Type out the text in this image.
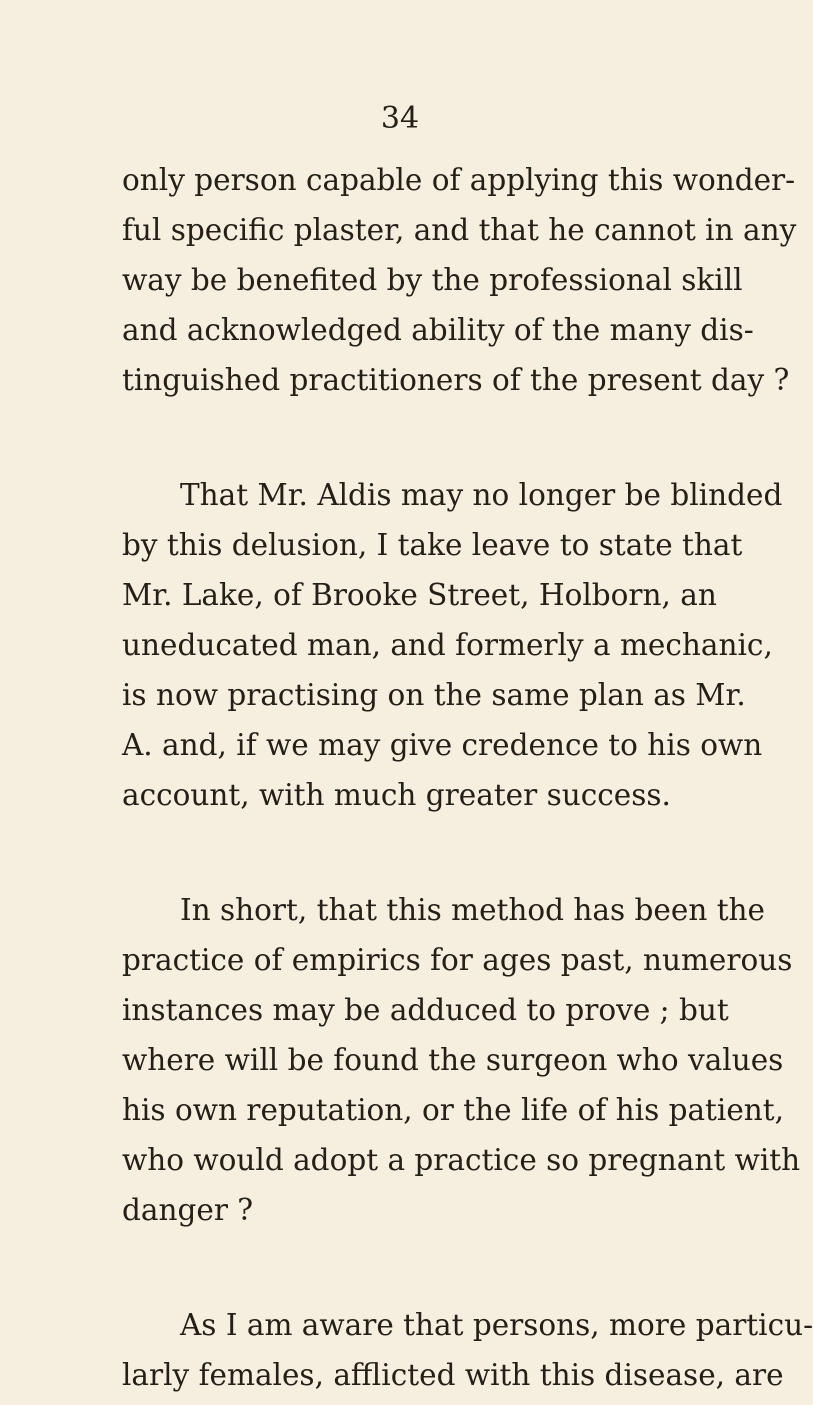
34
only person capable of applying this wonder-
ful specific plaster, and that he cannot in any
way be benefited by the professional skill
and acknowledged ability of the many dis-
tinguished practitioners of the present day ?
That Mr. Aldis may no longer be blinded
by this delusion, I take leave to state that
Mr. Lake, of Brooke Street, Holborn, an
uneducated man, and formerly a mechanic,
is now practising on the same plan as Mr.
A. and, if we may give credence to his own
account, with much greater success.
In short, that this method has been the
practice of empirics for ages past, numerous
instances may be adduced to prove ; but
where will be found the surgeon who values
his own reputation, or the life of his patient,
who would adopt a practice so pregnant with
danger ?
As I am aware that persons, more particu-
larly females, afflicted with this disease, are
